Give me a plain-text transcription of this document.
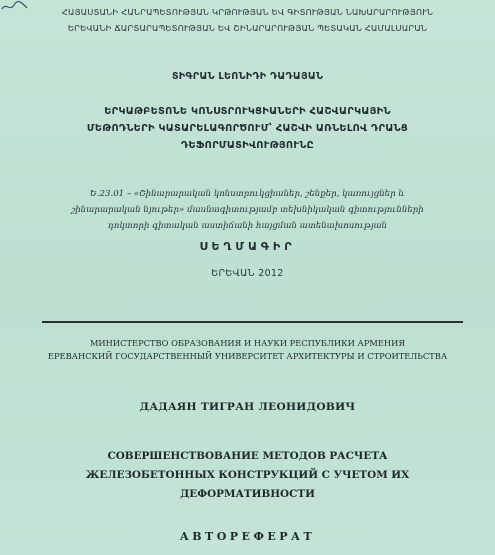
ՀԱՅԱՍՏԱՆԻ ՀԱՆՐԱՊԵՏՈՒԹՅԱՆ ԿՐԹՈՒԹՅԱՆ ԵՎ ԳԻՏՈՒԹՅԱՆ ՆԱԽԱՐԱՐՈՒԹՅՈՒՆ
ԵՐԵՎԱՆԻ ՃԱՐՏԱՐԱՊԵՏՈՒԹՅԱՆ ԵՎ ՇԻՆԱՐԱՐՈՒԹՅԱՆ ՊԵՏԱԿԱՆ ՀԱՄԱԼՍԱՐԱՆ
ՏԻԳՐԱՆ ԼԵՈՆԻԴԻ ԴԱԴԱՅԱՆ
ԵՐԿԱԹԲԵՏՈՆԵ ԿՈՆՍՏՐՈՒԿՑԻԱՆԵՐԻ ՀԱՇՎԱՐԿԱՅԻՆ
ՄԵԹՈԴՆԵՐԻ ԿԱՏԱՐԵԼԱԳՈՐԾՈՒՄ՝ ՀԱՇՎԻ ԱՌՆԵԼՈՎ ԴՐԱՆՑ
ԴԵՖՈՐՄԱՏԻՎՈՒԹՅՈՒՆԸ
Ե.23.01 – «Շինարարական կոնստրուկցիաներ, շենքեր, կառույցներ և
շինարարական նյութեր» մասնագիտությամբ տեխնիկական գիտությունների
դոկտորի գիտական աստիճանի հայցման ատենախոսության
ՍԵՂՄԱԳԻՐ
ԵՐԵՎԱՆ 2012
МИНИСТЕРСТВО ОБРАЗОВАНИЯ И НАУКИ РЕСПУБЛИКИ АРМЕНИЯ
ЕРЕВАНСКИЙ ГОСУДАРСТВЕННЫЙ УНИВЕРСИТЕТ АРХИТЕКТУРЫ И СТРОИТЕЛЬСТВА
ДАДАЯН ТИГРАН ЛЕОНИДОВИЧ
СОВЕРШЕНСТВОВАНИЕ МЕТОДОВ РАСЧЕТА
ЖЕЛЕЗОБЕТОННЫХ КОНСТРУКЦИЙ С УЧЕТОМ ИХ
ДЕФОРМАТИВНОСТИ
АВТОРЕФЕРАТ
